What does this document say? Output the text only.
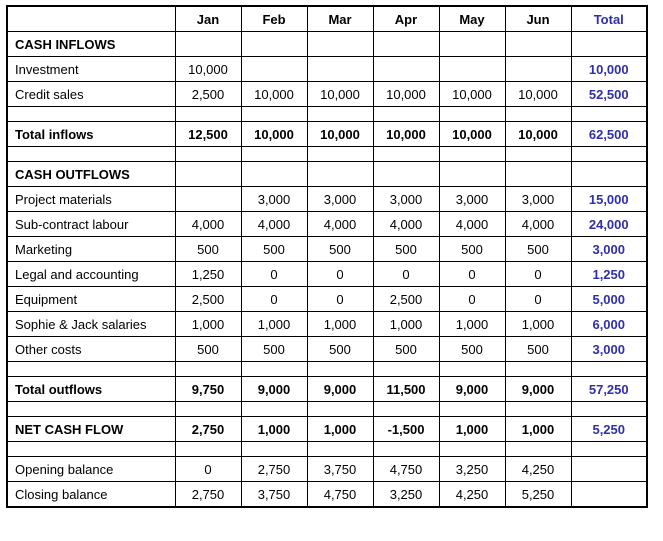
	Jan	Feb	Mar	Apr	May	Jun	Total
CASH INFLOWS							
Investment	10,000						10,000
Credit sales	2,500	10,000	10,000	10,000	10,000	10,000	52,500

Total inflows	12,500	10,000	10,000	10,000	10,000	10,000	62,500

CASH OUTFLOWS							
Project materials		3,000	3,000	3,000	3,000	3,000	15,000
Sub-contract labour	4,000	4,000	4,000	4,000	4,000	4,000	24,000
Marketing	500	500	500	500	500	500	3,000
Legal and accounting	1,250	0	0	0	0	0	1,250
Equipment	2,500	0	0	2,500	0	0	5,000
Sophie & Jack salaries	1,000	1,000	1,000	1,000	1,000	1,000	6,000
Other costs	500	500	500	500	500	500	3,000

Total outflows	9,750	9,000	9,000	11,500	9,000	9,000	57,250

NET CASH FLOW	2,750	1,000	1,000	-1,500	1,000	1,000	5,250

Opening balance	0	2,750	3,750	4,750	3,250	4,250	
Closing balance	2,750	3,750	4,750	3,250	4,250	5,250	
